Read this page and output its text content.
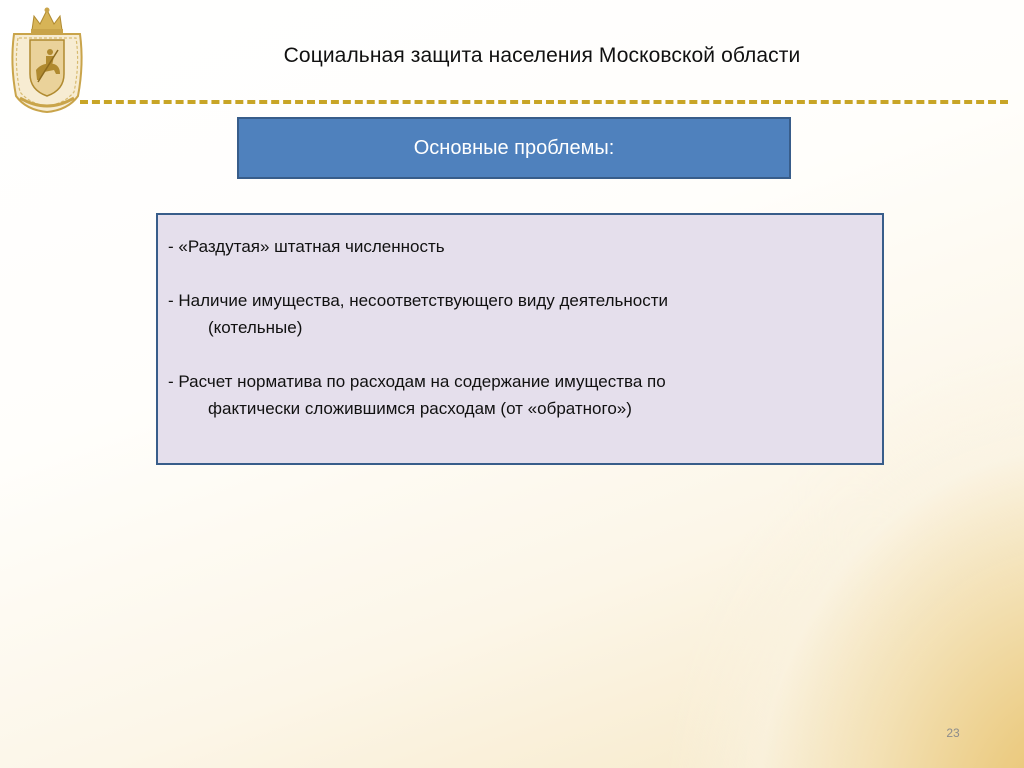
Социальная защита населения Московской области
Основные проблемы:
- «Раздутая» штатная численность
- Наличие имущества, несоответствующего виду деятельности
(котельные)
- Расчет норматива по расходам на содержание имущества по
фактически сложившимся расходам (от «обратного»)
23
